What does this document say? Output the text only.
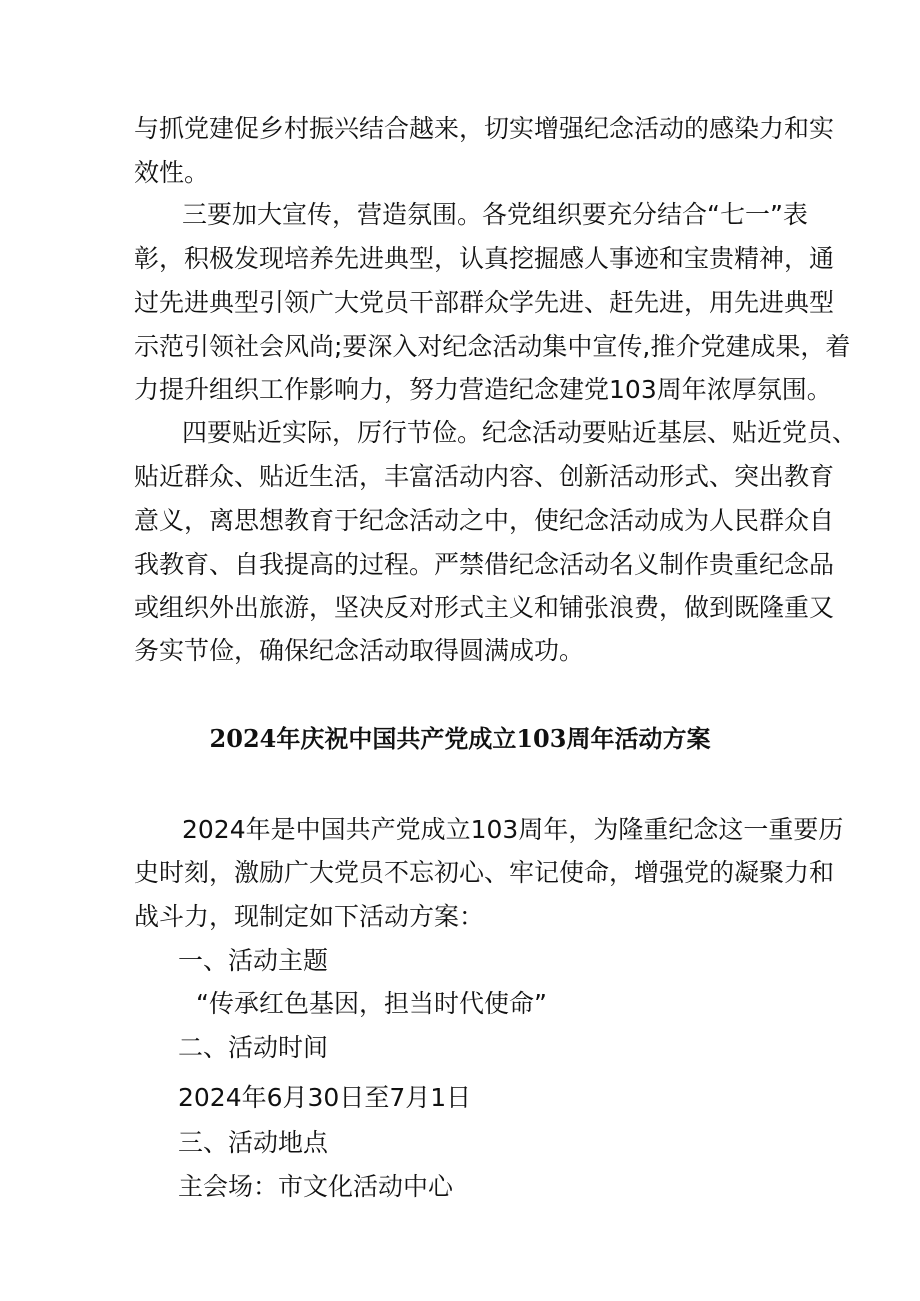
与抓党建促乡村振兴结合越来，切实增强纪念活动的感染力和实
效性。
三要加大宣传，营造氛围。各党组织要充分结合“七一”表
彰，积极发现培养先进典型，认真挖掘感人事迹和宝贵精神，通
过先进典型引领广大党员干部群众学先进、赶先进，用先进典型
示范引领社会风尚;要深入对纪念活动集中宣传,推介党建成果，着
力提升组织工作影响力，努力营造纪念建党103周年浓厚氛围。
四要贴近实际，厉行节俭。纪念活动要贴近基层、贴近党员、
贴近群众、贴近生活，丰富活动内容、创新活动形式、突出教育
意义，离思想教育于纪念活动之中，使纪念活动成为人民群众自
我教育、自我提高的过程。严禁借纪念活动名义制作贵重纪念品
或组织外出旅游，坚决反对形式主义和铺张浪费，做到既隆重又
务实节俭，确保纪念活动取得圆满成功。
2024年庆祝中国共产党成立103周年活动方案
2024年是中国共产党成立103周年，为隆重纪念这一重要历
史时刻，激励广大党员不忘初心、牢记使命，增强党的凝聚力和
战斗力，现制定如下活动方案：
一、活动主题
“传承红色基因，担当时代使命”
二、活动时间
2024年6月30日至7月1日
三、活动地点
主会场：市文化活动中心
